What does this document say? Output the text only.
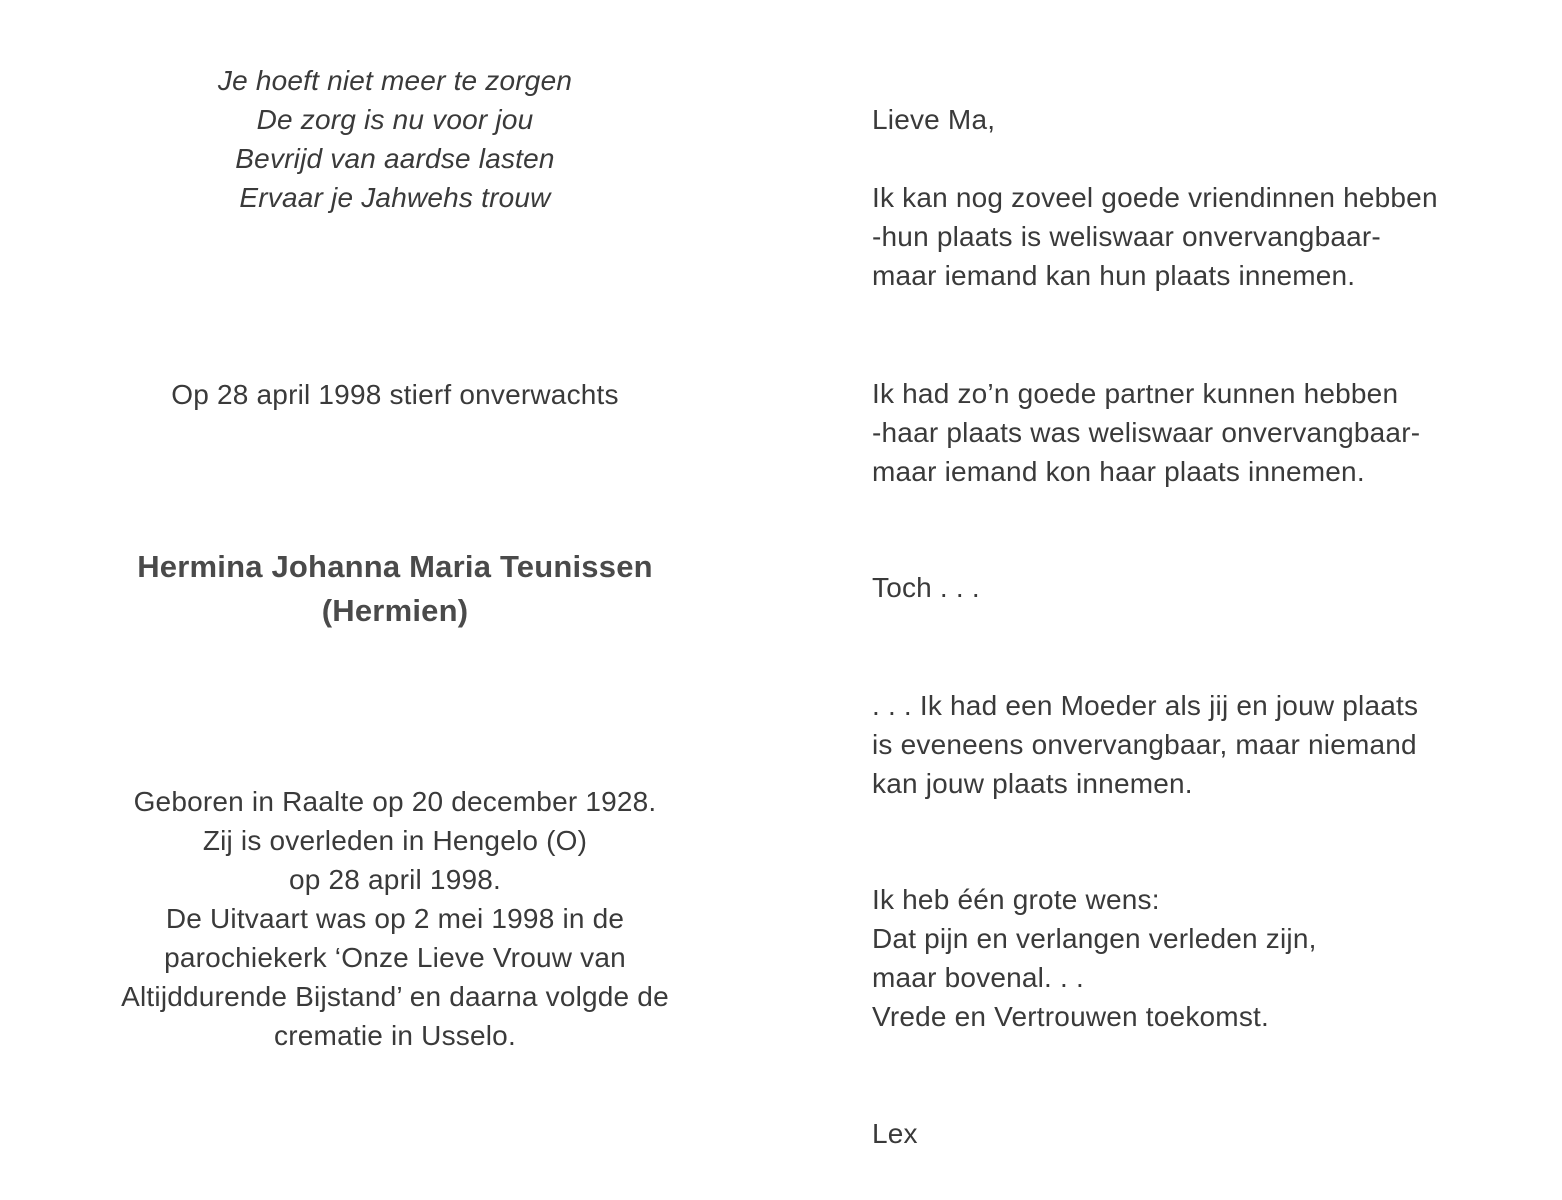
Je hoeft niet meer te zorgen
De zorg is nu voor jou
Bevrijd van aardse lasten
Ervaar je Jahwehs trouw
Op 28 april 1998 stierf onverwachts
Hermina Johanna Maria Teunissen
(Hermien)
Geboren in Raalte op 20 december 1928.
Zij is overleden in Hengelo (O)
op 28 april 1998.
De Uitvaart was op 2 mei 1998 in de
parochiekerk ‘Onze Lieve Vrouw van
Altijddurende Bijstand’ en daarna volgde de
crematie in Usselo.
Lieve Ma,
Ik kan nog zoveel goede vriendinnen hebben
-hun plaats is weliswaar onvervangbaar-
maar iemand kan hun plaats innemen.
Ik had zo’n goede partner kunnen hebben
-haar plaats was weliswaar onvervangbaar-
maar iemand kon haar plaats innemen.
Toch . . .
. . . Ik had een Moeder als jij en jouw plaats
is eveneens onvervangbaar, maar niemand
kan jouw plaats innemen.
Ik heb één grote wens:
Dat pijn en verlangen verleden zijn,
maar bovenal. . .
Vrede en Vertrouwen toekomst.
Lex
